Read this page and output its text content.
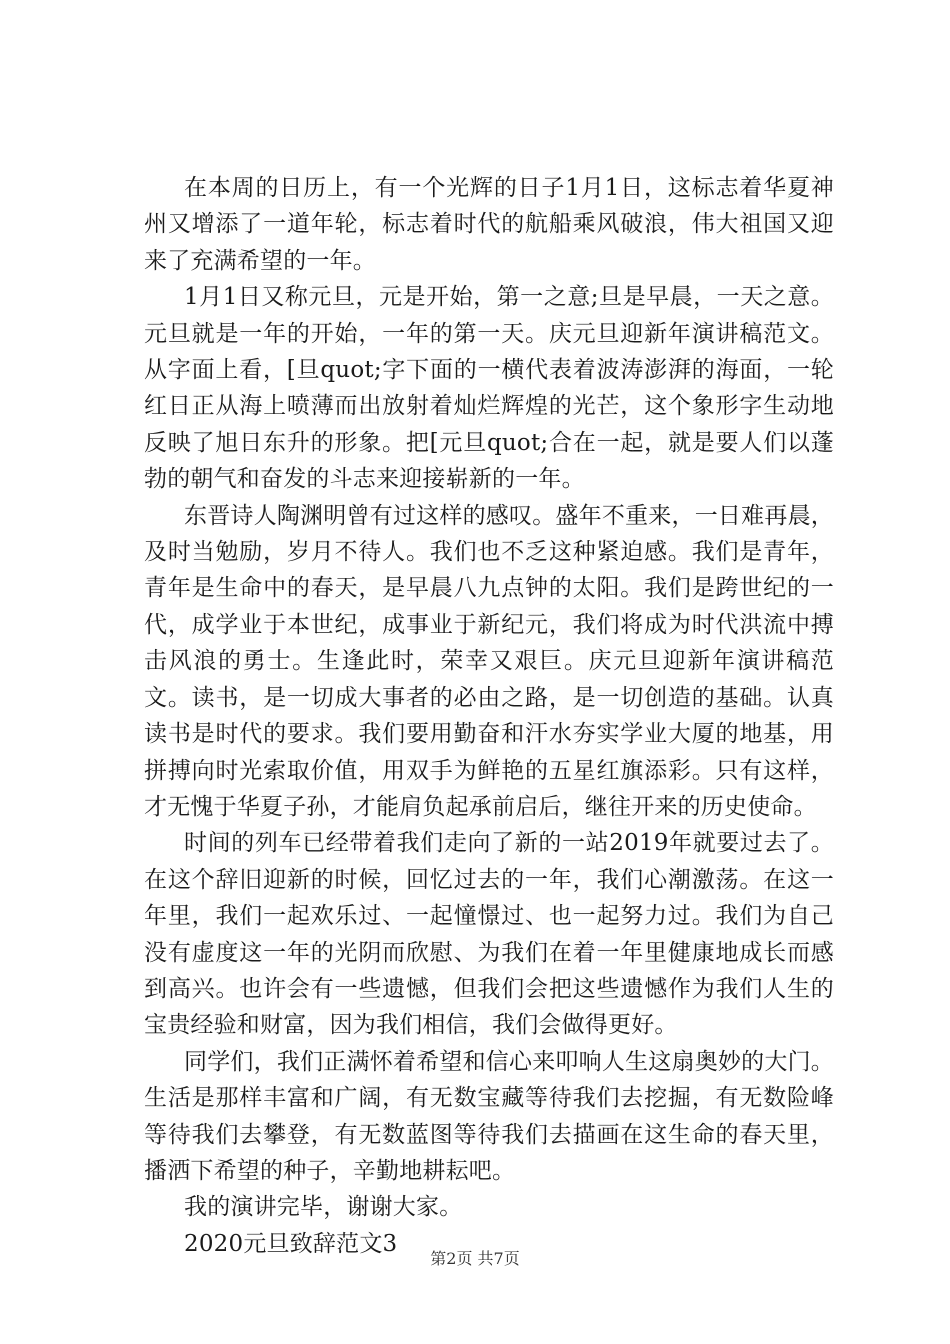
在本周的日历上，有一个光辉的日子1月1日，这标志着华夏神州又增添了一道年轮，标志着时代的航船乘风破浪，伟大祖国又迎来了充满希望的一年。

1月1日又称元旦，元是开始，第一之意;旦是早晨，一天之意。元旦就是一年的开始，一年的第一天。庆元旦迎新年演讲稿范文。从字面上看，[旦quot;字下面的一横代表着波涛澎湃的海面，一轮红日正从海上喷薄而出放射着灿烂辉煌的光芒，这个象形字生动地反映了旭日东升的形象。把[元旦quot;合在一起，就是要人们以蓬勃的朝气和奋发的斗志来迎接崭新的一年。

东晋诗人陶渊明曾有过这样的感叹。盛年不重来，一日难再晨，及时当勉励，岁月不待人。我们也不乏这种紧迫感。我们是青年，青年是生命中的春天，是早晨八九点钟的太阳。我们是跨世纪的一代，成学业于本世纪，成事业于新纪元，我们将成为时代洪流中搏击风浪的勇士。生逢此时，荣幸又艰巨。庆元旦迎新年演讲稿范文。读书，是一切成大事者的必由之路，是一切创造的基础。认真读书是时代的要求。我们要用勤奋和汗水夯实学业大厦的地基，用拼搏向时光索取价值，用双手为鲜艳的五星红旗添彩。只有这样，才无愧于华夏子孙，才能肩负起承前启后，继往开来的历史使命。

时间的列车已经带着我们走向了新的一站2019年就要过去了。在这个辞旧迎新的时候，回忆过去的一年，我们心潮激荡。在这一年里，我们一起欢乐过、一起憧憬过、也一起努力过。我们为自己没有虚度这一年的光阴而欣慰、为我们在着一年里健康地成长而感到高兴。也许会有一些遗憾，但我们会把这些遗憾作为我们人生的宝贵经验和财富，因为我们相信，我们会做得更好。

同学们，我们正满怀着希望和信心来叩响人生这扇奥妙的大门。生活是那样丰富和广阔，有无数宝藏等待我们去挖掘，有无数险峰等待我们去攀登，有无数蓝图等待我们去描画在这生命的春天里，播洒下希望的种子，辛勤地耕耘吧。

我的演讲完毕，谢谢大家。

2020元旦致辞范文3

第2页 共7页
